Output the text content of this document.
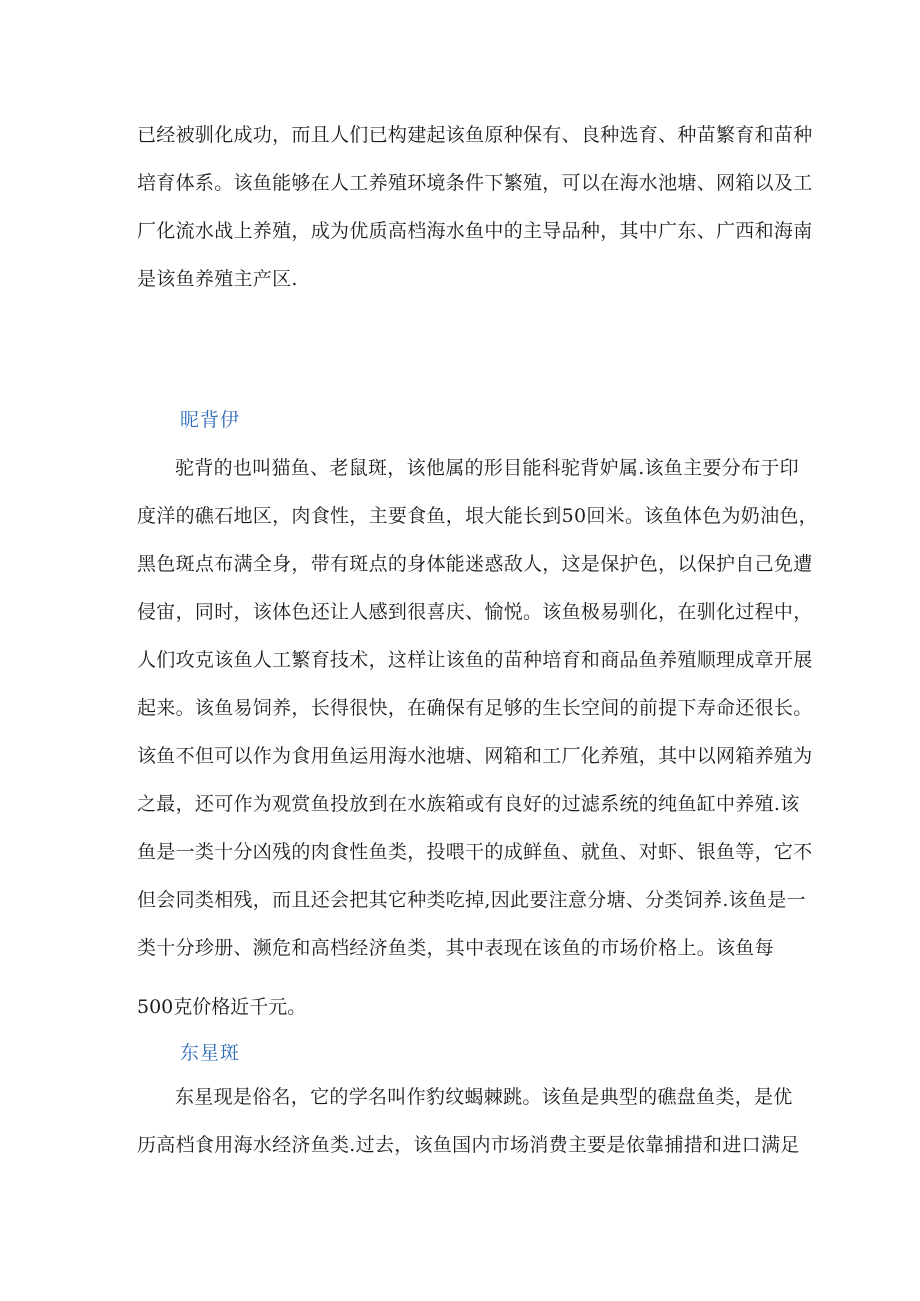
已经被驯化成功，而且人们已构建起该鱼原种保有、良种选育、种苗繁育和苗种
培育体系。该鱼能够在人工养殖环境条件下繁殖，可以在海水池塘、网箱以及工
厂化流水战上养殖，成为优质高档海水鱼中的主导品种，其中广东、广西和海南
是该鱼养殖主产区.
昵背伊
驼背的也叫猫鱼、老鼠斑，该他属的形目能科驼背妒属.该鱼主要分布于印
度洋的礁石地区，肉食性，主要食鱼，垠大能长到50回米。该鱼体色为奶油色，
黑色斑点布满全身，带有斑点的身体能迷惑敌人，这是保护色，以保护自己免遭
侵宙，同时，该体色还让人感到很喜庆、愉悦。该鱼极易驯化，在驯化过程中，
人们攻克该鱼人工繁育技术，这样让该鱼的苗种培育和商品鱼养殖顺理成章开展
起来。该鱼易饲养，长得很快，在确保有足够的生长空间的前提下寿命还很长。
该鱼不但可以作为食用鱼运用海水池塘、网箱和工厂化养殖，其中以网箱养殖为
之最，还可作为观赏鱼投放到在水族箱或有良好的过滤系统的纯鱼缸中养殖.该
鱼是一类十分凶残的肉食性鱼类，投喂干的成鲜鱼、就鱼、对虾、银鱼等，它不
但会同类相残，而且还会把其它种类吃掉,因此要注意分塘、分类饲养.该鱼是一
类十分珍册、濒危和高档经济鱼类，其中表现在该鱼的市场价格上。该鱼每

500克价格近千元。

东星斑
东星现是俗名，它的学名叫作豹纹蝎棘跳。该鱼是典型的礁盘鱼类，是优
历高档食用海水经济鱼类.过去，该鱼国内市场消费主要是依靠捕措和进口满足
